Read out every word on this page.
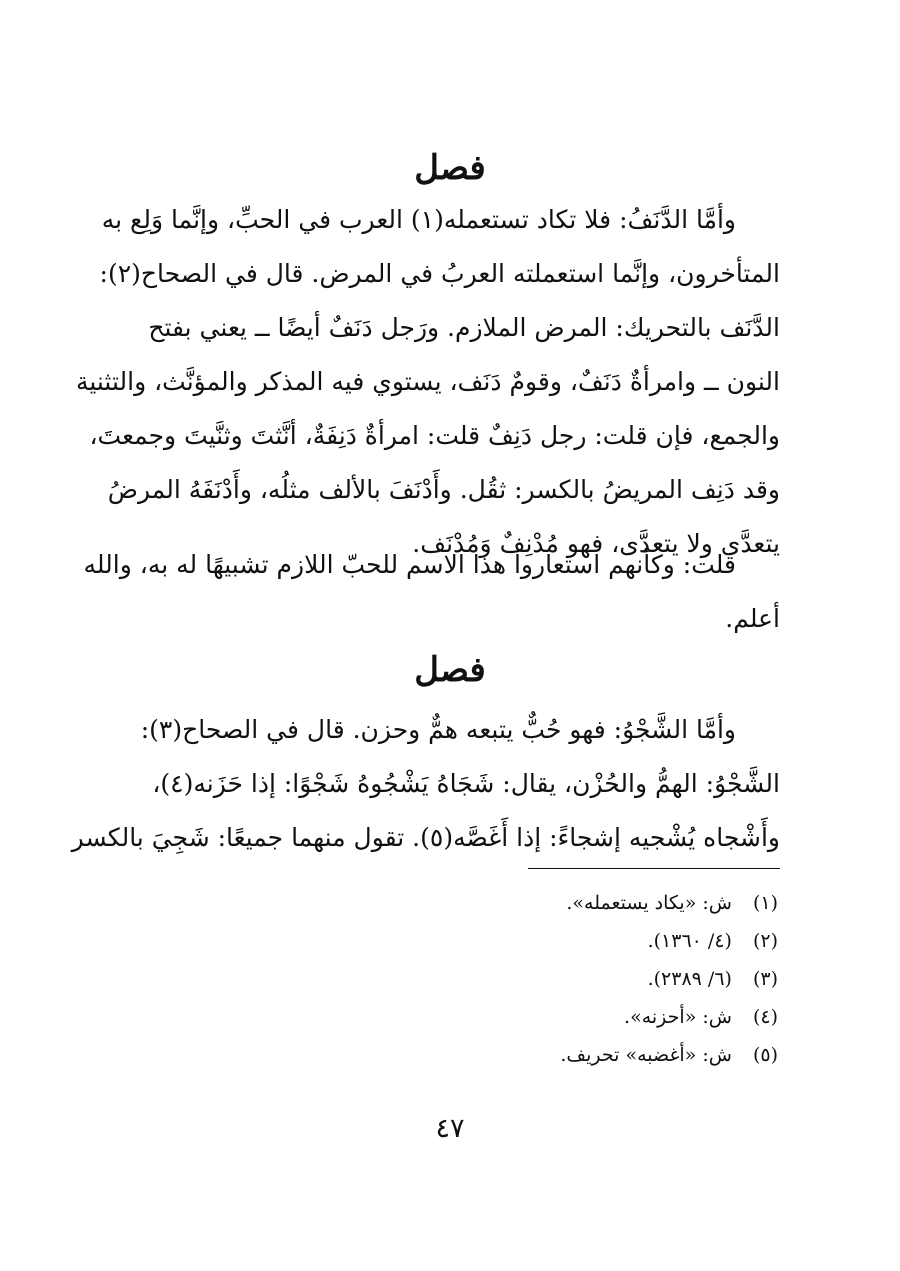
فصل

وأمَّا الدَّنَفُ: فلا تكاد تستعمله(١) العرب في الحبِّ، وإنَّما وَلِع به
المتأخرون، وإنَّما استعملته العربُ في المرض. قال في الصحاح(٢):
الدَّنَف بالتحريك: المرض الملازم. ورَجل دَنَفٌ أيضًا ــ يعني بفتح
النون ــ وامرأةٌ دَنَفٌ، وقومٌ دَنَف، يستوي فيه المذكر والمؤنَّث، والتثنية
والجمع، فإن قلت: رجل دَنِفٌ قلت: امرأةٌ دَنِفَةٌ، أنَّثتَ وثنَّيتَ وجمعتَ،
وقد دَنِف المريضُ بالكسر: ثقُل. وأَدْنَفَ بالألف مثلُه، وأَدْنَفَهُ المرضُ
يتعدَّى ولا يتعدَّى، فهو مُدْنِفٌ وَمُدْنَف.

قلت: وكأنهم استعاروا هذا الاسم للحبّ اللازم تشبيهًا له به، والله
أعلم.

فصل

وأمَّا الشَّجْوُ: فهو حُبٌّ يتبعه همٌّ وحزن. قال في الصحاح(٣):
الشَّجْوُ: الهمُّ والحُزْن، يقال: شَجَاهُ يَشْجُوهُ شَجْوًا: إذا حَزَنه(٤)،
وأَشْجاه يُشْجيه إشجاءً: إذا أَغَصَّه(٥). تقول منهما جميعًا: شَجِيَ بالكسر

(١) ش: «يكاد يستعمله».
(٢) (٤/ ١٣٦٠).
(٣) (٦/ ٢٣٨٩).
(٤) ش: «أحزنه».
(٥) ش: «أغضبه» تحريف.
٤٧
